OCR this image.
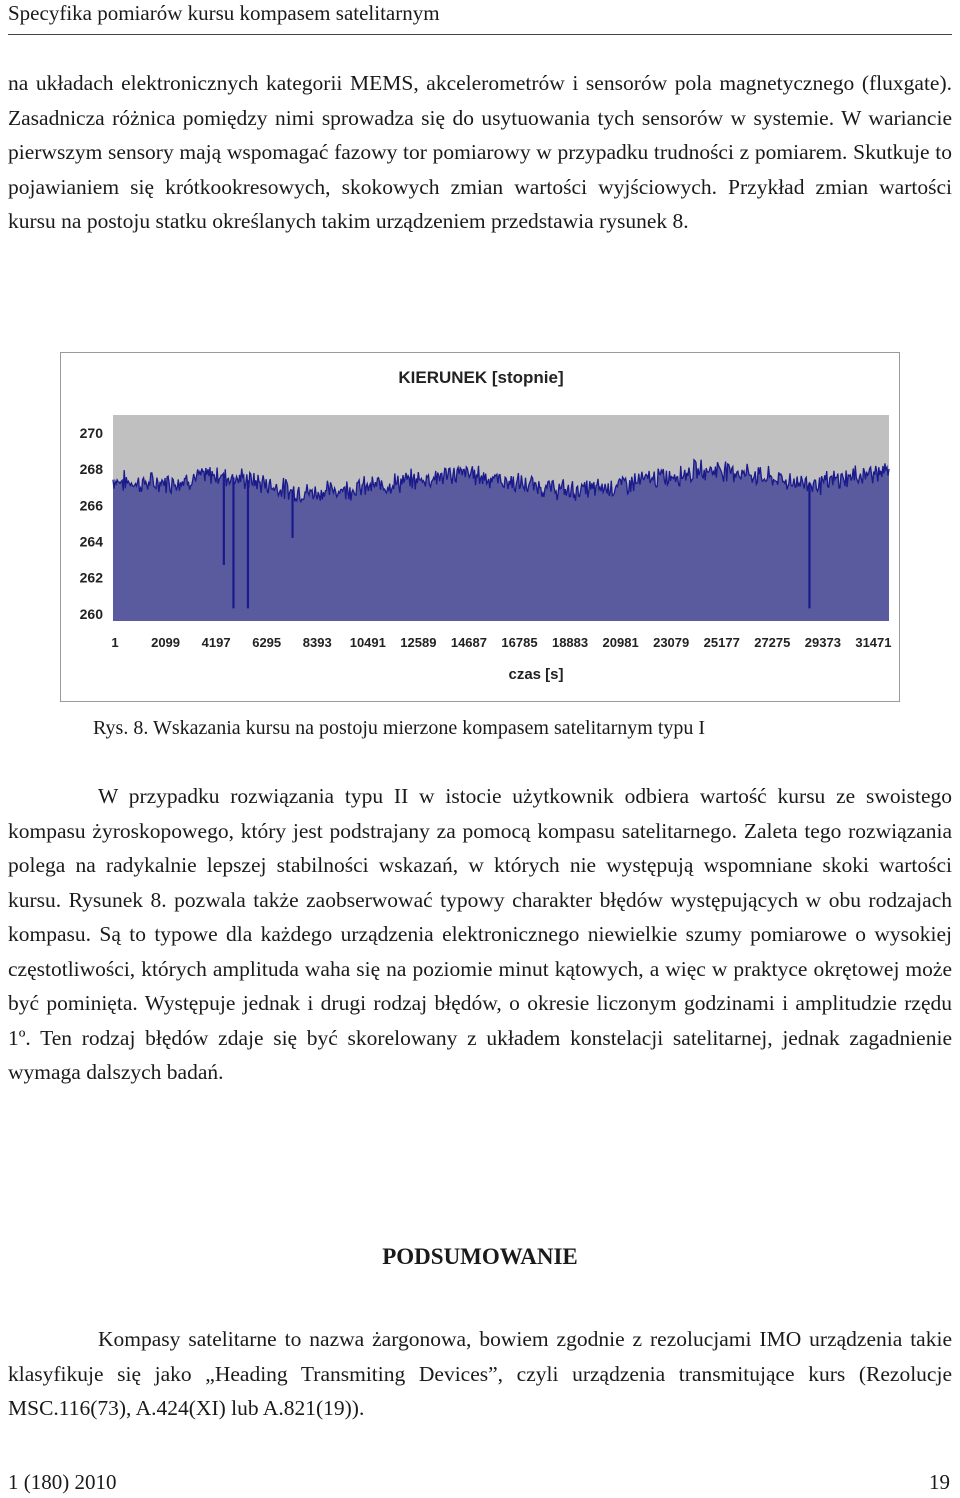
Specyfika pomiarów kursu kompasem satelitarnym

na układach elektronicznych kategorii MEMS, akcelerometrów i sensorów pola magnetycznego (fluxgate). Zasadnicza różnica pomiędzy nimi sprowadza się do usytuowania tych sensorów w systemie. W wariancie pierwszym sensory mają wspomagać fazowy tor pomiarowy w przypadku trudności z pomiarem. Skutkuje to pojawianiem się krótkookresowych, skokowych zmian wartości wyjściowych. Przykład zmian wartości kursu na postoju statku określanych takim urządzeniem przedstawia rysunek 8.

KIERUNEK [stopnie]
270
268
266
264
262
260
1 2099 4197 6295 8393 10491 12589 14687 16785 18883 20981 23079 25177 27275 29373 31471
czas [s]
Rys. 8. Wskazania kursu na postoju mierzone kompasem satelitarnym typu I

W przypadku rozwiązania typu II w istocie użytkownik odbiera wartość kursu ze swoistego kompasu żyroskopowego, który jest podstrajany za pomocą kompasu satelitarnego. Zaleta tego rozwiązania polega na radykalnie lepszej stabilności wskazań, w których nie występują wspomniane skoki wartości kursu. Rysunek 8. pozwala także zaobserwować typowy charakter błędów występujących w obu rodzajach kompasu. Są to typowe dla każdego urządzenia elektronicznego niewielkie szumy pomiarowe o wysokiej częstotliwości, których amplituda waha się na poziomie minut kątowych, a więc w praktyce okrętowej może być pominięta. Występuje jednak i drugi rodzaj błędów, o okresie liczonym godzinami i amplitudzie rzędu 1º. Ten rodzaj błędów zdaje się być skorelowany z układem konstelacji satelitarnej, jednak zagadnienie wymaga dalszych badań.

PODSUMOWANIE

Kompasy satelitarne to nazwa żargonowa, bowiem zgodnie z rezolucjami IMO urządzenia takie klasyfikuje się jako „Heading Transmiting Devices”, czyli urządzenia transmitujące kurs (Rezolucje MSC.116(73), A.424(XI) lub A.821(19)).

1 (180) 2010	19
